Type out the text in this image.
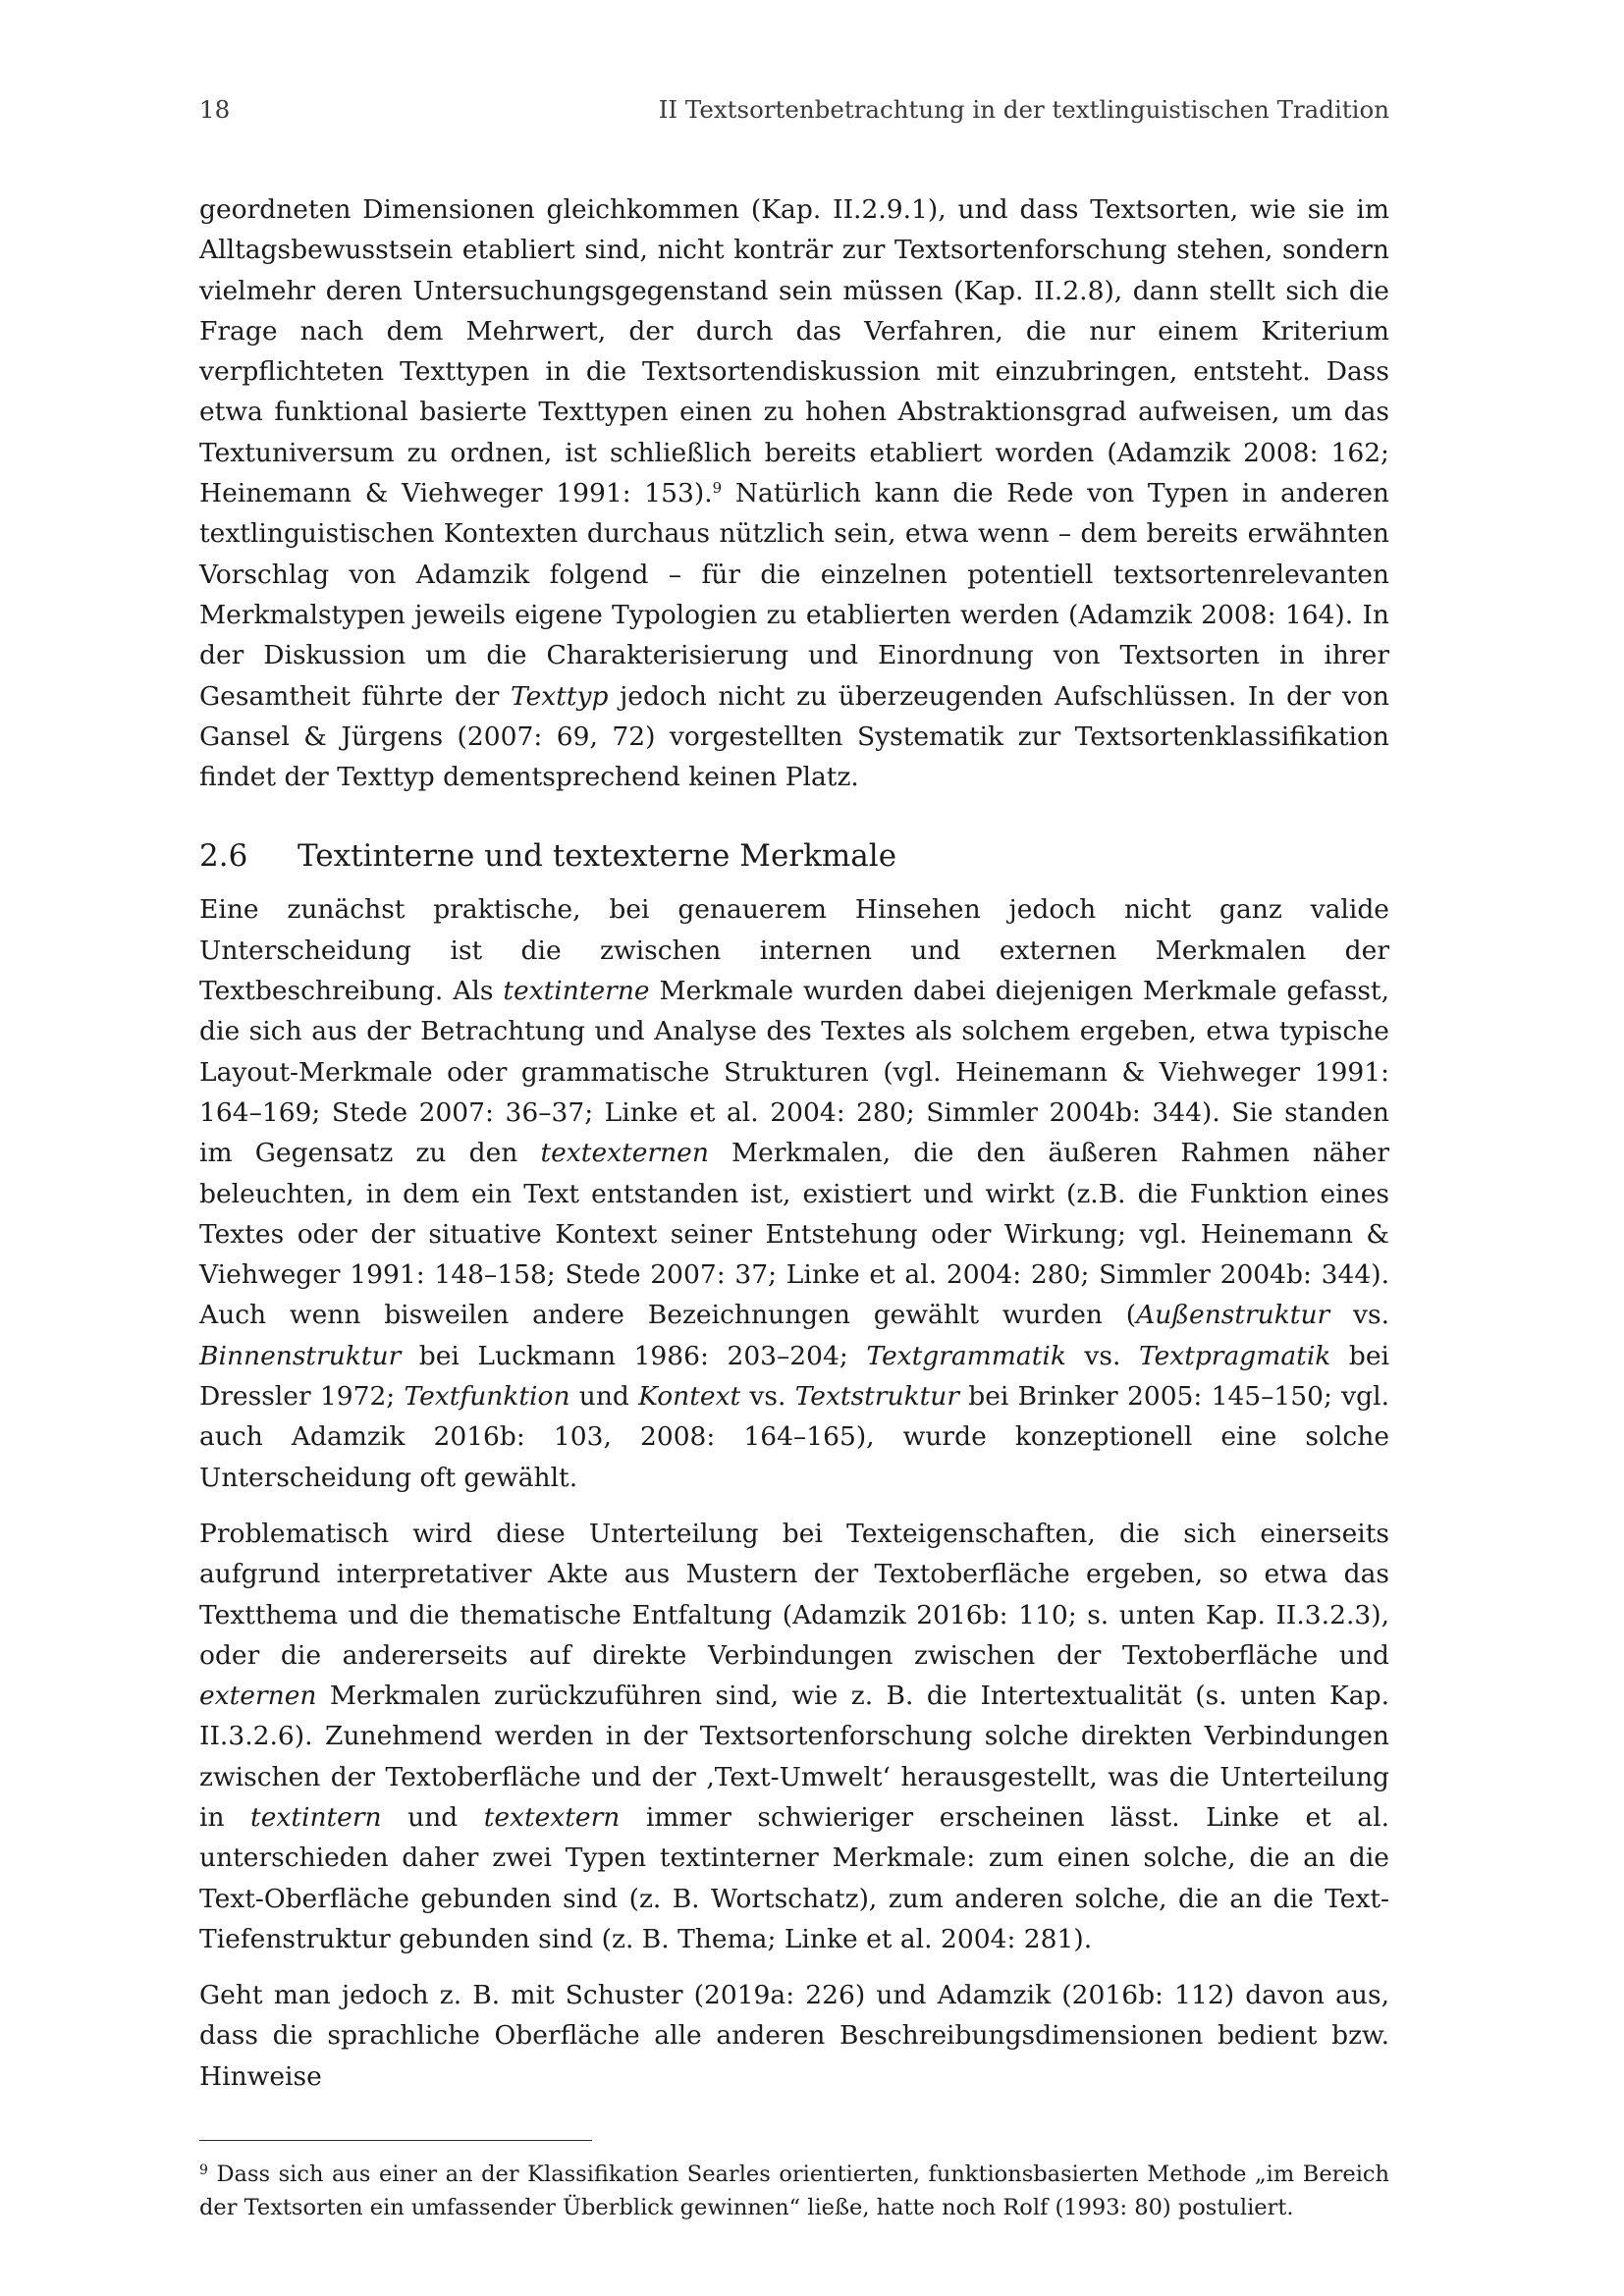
18	II Textsortenbetrachtung in der textlinguistischen Tradition

geordneten Dimensionen gleichkommen (Kap. II.2.9.1), und dass Textsorten, wie sie im Alltagsbewusstsein etabliert sind, nicht konträr zur Textsortenforschung stehen, sondern vielmehr deren Untersuchungsgegenstand sein müssen (Kap. II.2.8), dann stellt sich die Frage nach dem Mehrwert, der durch das Verfahren, die nur einem Kriterium verpflichteten Texttypen in die Textsortendiskussion mit einzubringen, entsteht. Dass etwa funktional basierte Texttypen einen zu hohen Abstraktionsgrad aufweisen, um das Textuniversum zu ordnen, ist schließlich bereits etabliert worden (Adamzik 2008: 162; Heinemann & Viehweger 1991: 153).$^9$ Natürlich kann die Rede von Typen in anderen textlinguistischen Kontexten durchaus nützlich sein, etwa wenn – dem bereits erwähnten Vorschlag von Adamzik folgend – für die einzelnen potentiell textsortenrelevanten Merkmalstypen jeweils eigene Typologien zu etablierten werden (Adamzik 2008: 164). In der Diskussion um die Charakterisierung und Einordnung von Textsorten in ihrer Gesamtheit führte der Texttyp jedoch nicht zu überzeugenden Aufschlüssen. In der von Gansel & Jürgens (2007: 69, 72) vorgestellten Systematik zur Textsortenklassifikation findet der Texttyp dementsprechend keinen Platz.

2.6	Textinterne und textexterne Merkmale

Eine zunächst praktische, bei genauerem Hinsehen jedoch nicht ganz valide Unterscheidung ist die zwischen internen und externen Merkmalen der Textbeschreibung. Als textinterne Merkmale wurden dabei diejenigen Merkmale gefasst, die sich aus der Betrachtung und Analyse des Textes als solchem ergeben, etwa typische Layout-Merkmale oder grammatische Strukturen (vgl. Heinemann & Viehweger 1991: 164–169; Stede 2007: 36–37; Linke et al. 2004: 280; Simmler 2004b: 344). Sie standen im Gegensatz zu den textexternen Merkmalen, die den äußeren Rahmen näher beleuchten, in dem ein Text entstanden ist, existiert und wirkt (z.B. die Funktion eines Textes oder der situative Kontext seiner Entstehung oder Wirkung; vgl. Heinemann & Viehweger 1991: 148–158; Stede 2007: 37; Linke et al. 2004: 280; Simmler 2004b: 344). Auch wenn bisweilen andere Bezeichnungen gewählt wurden (Außenstruktur vs. Binnenstruktur bei Luckmann 1986: 203–204; Textgrammatik vs. Textpragmatik bei Dressler 1972; Textfunktion und Kontext vs. Textstruktur bei Brinker 2005: 145–150; vgl. auch Adamzik 2016b: 103, 2008: 164–165), wurde konzeptionell eine solche Unterscheidung oft gewählt.

Problematisch wird diese Unterteilung bei Texteigenschaften, die sich einerseits aufgrund interpretativer Akte aus Mustern der Textoberfläche ergeben, so etwa das Textthema und die thematische Entfaltung (Adamzik 2016b: 110; s. unten Kap. II.3.2.3), oder die andererseits auf direkte Verbindungen zwischen der Textoberfläche und externen Merkmalen zurückzuführen sind, wie z. B. die Intertextualität (s. unten Kap. II.3.2.6). Zunehmend werden in der Textsortenforschung solche direkten Verbindungen zwischen der Textoberfläche und der ‚Text-Umwelt‘ herausgestellt, was die Unterteilung in textintern und textextern immer schwieriger erscheinen lässt. Linke et al. unterschieden daher zwei Typen textinterner Merkmale: zum einen solche, die an die Text-Oberfläche gebunden sind (z. B. Wortschatz), zum anderen solche, die an die Text-Tiefenstruktur gebunden sind (z. B. Thema; Linke et al. 2004: 281).

Geht man jedoch z. B. mit Schuster (2019a: 226) und Adamzik (2016b: 112) davon aus, dass die sprachliche Oberfläche alle anderen Beschreibungsdimensionen bedient bzw. Hinweise

$^9$ Dass sich aus einer an der Klassifikation Searles orientierten, funktionsbasierten Methode „im Bereich der Textsorten ein umfassender Überblick gewinnen“ ließe, hatte noch Rolf (1993: 80) postuliert.
